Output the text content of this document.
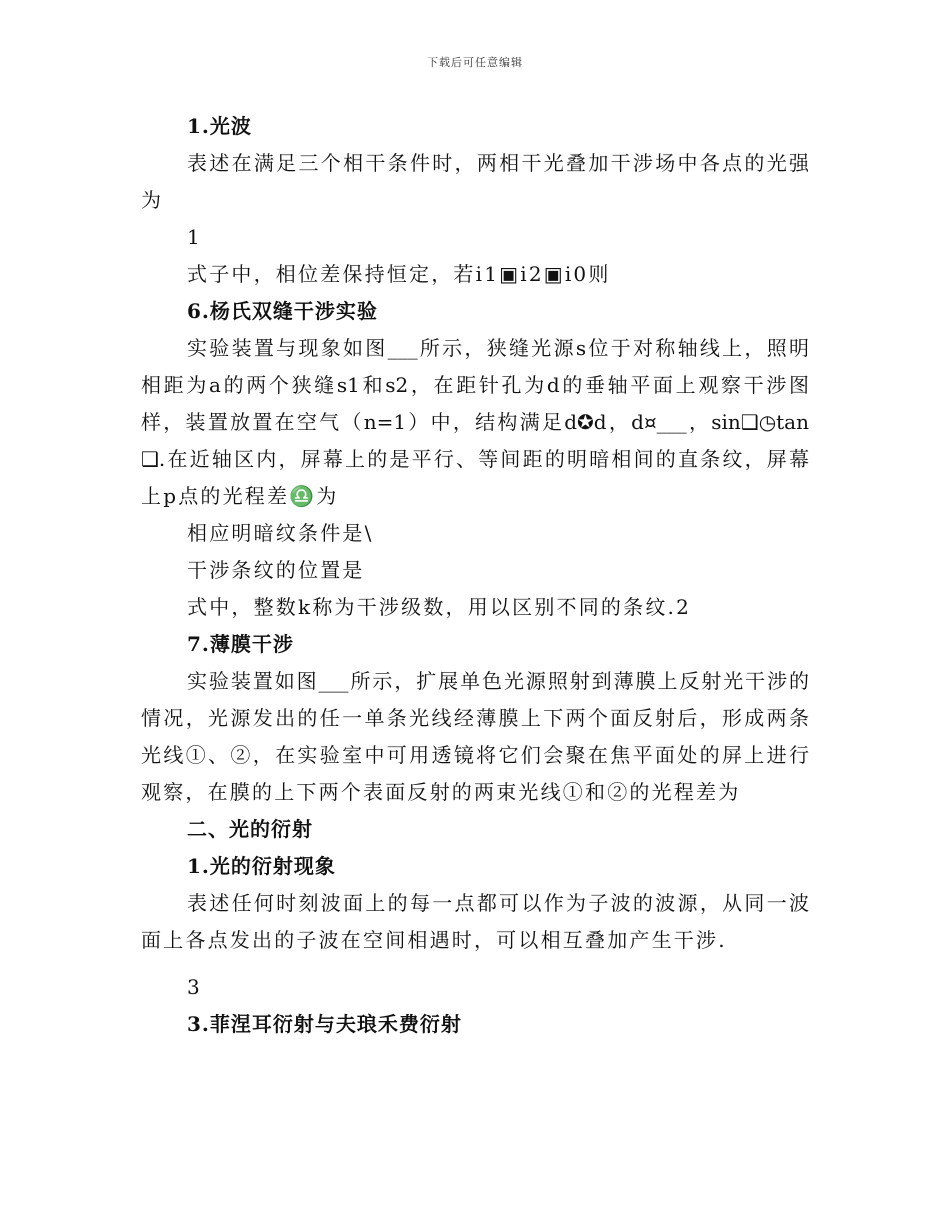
下载后可任意编辑
1.光波
表述在满足三个相干条件时，两相干光叠加干涉场中各点的光强
为
1
式子中，相位差保持恒定，若i1▣i2▣i0则
6.杨氏双缝干涉实验
实验装置与现象如图___所示，狭缝光源s位于对称轴线上，照明
相距为a的两个狭缝s1和s2，在距针孔为d的垂轴平面上观察干涉图
样，装置放置在空气（n=1）中，结构满足d✪d，d¤___，sin❑◷tan
❑.在近轴区内，屏幕上的是平行、等间距的明暗相间的直条纹，屏幕
上p点的光程差♎为
相应明暗纹条件是\
干涉条纹的位置是
式中，整数k称为干涉级数，用以区别不同的条纹.2
7.薄膜干涉
实验装置如图___所示，扩展单色光源照射到薄膜上反射光干涉的
情况，光源发出的任一单条光线经薄膜上下两个面反射后，形成两条
光线①、②，在实验室中可用透镜将它们会聚在焦平面处的屏上进行
观察，在膜的上下两个表面反射的两束光线①和②的光程差为
二、光的衍射
1.光的衍射现象
表述任何时刻波面上的每一点都可以作为子波的波源，从同一波
面上各点发出的子波在空间相遇时，可以相互叠加产生干涉.
3
3.菲涅耳衍射与夫琅禾费衍射
